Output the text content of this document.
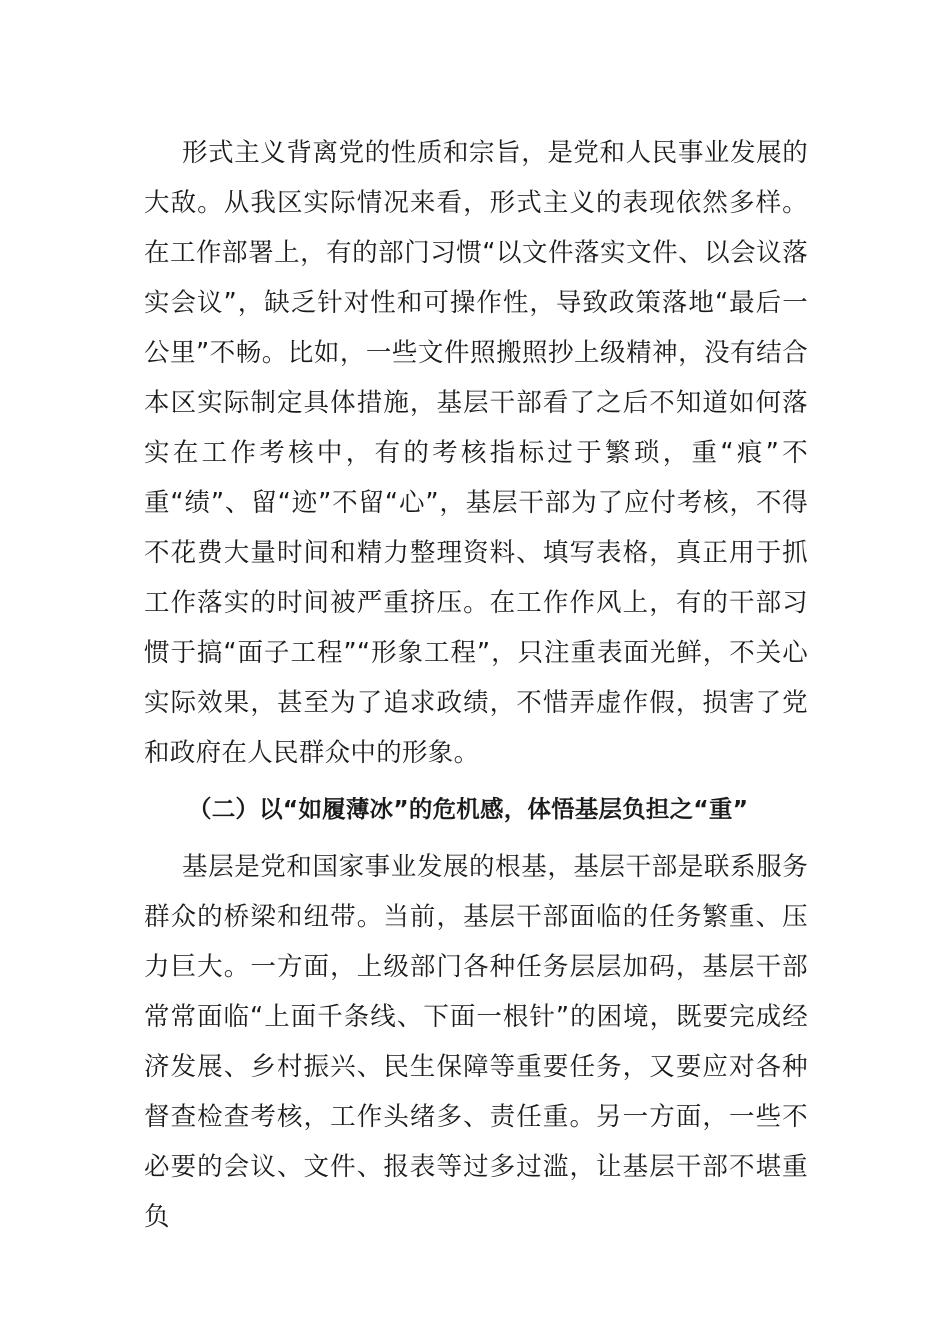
形式主义背离党的性质和宗旨，是党和人民事业发展的大敌。从我区实际情况来看，形式主义的表现依然多样。在工作部署上，有的部门习惯“以文件落实文件、以会议落实会议”，缺乏针对性和可操作性，导致政策落地“最后一公里”不畅。比如，一些文件照搬照抄上级精神，没有结合本区实际制定具体措施，基层干部看了之后不知道如何落实在工作考核中，有的考核指标过于繁琐，重“痕”不重“绩”、留“迹”不留“心”，基层干部为了应付考核，不得不花费大量时间和精力整理资料、填写表格，真正用于抓工作落实的时间被严重挤压。在工作作风上，有的干部习惯于搞“面子工程”“形象工程”，只注重表面光鲜，不关心实际效果，甚至为了追求政绩，不惜弄虚作假，损害了党和政府在人民群众中的形象。

（二）以“如履薄冰”的危机感，体悟基层负担之“重”

基层是党和国家事业发展的根基，基层干部是联系服务群众的桥梁和纽带。当前，基层干部面临的任务繁重、压力巨大。一方面，上级部门各种任务层层加码，基层干部常常面临“上面千条线、下面一根针”的困境，既要完成经济发展、乡村振兴、民生保障等重要任务，又要应对各种督查检查考核，工作头绪多、责任重。另一方面，一些不必要的会议、文件、报表等过多过滥，让基层干部不堪重负
